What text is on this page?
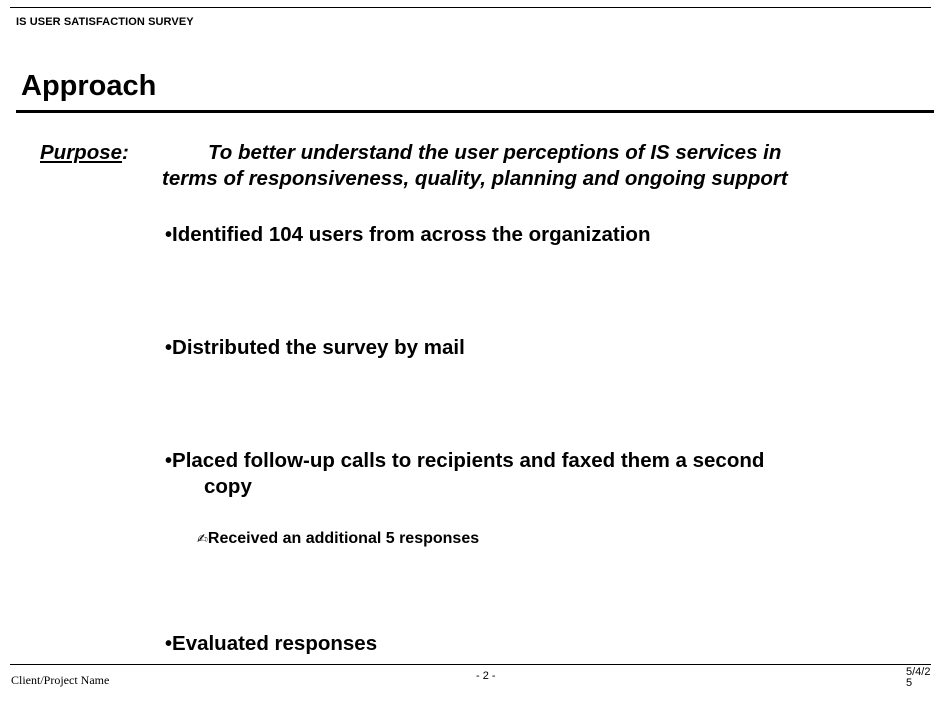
IS USER SATISFACTION SURVEY
Approach
Purpose:	To better understand the user perceptions of IS services in
terms of responsiveness, quality, planning and ongoing support
•Identified 104 users from across the organization
•Distributed the survey by mail
•Placed follow-up calls to recipients and faxed them a second
copy
✍Received an additional 5 responses
•Evaluated responses
Client/Project Name	- 2 -	5/4/25
